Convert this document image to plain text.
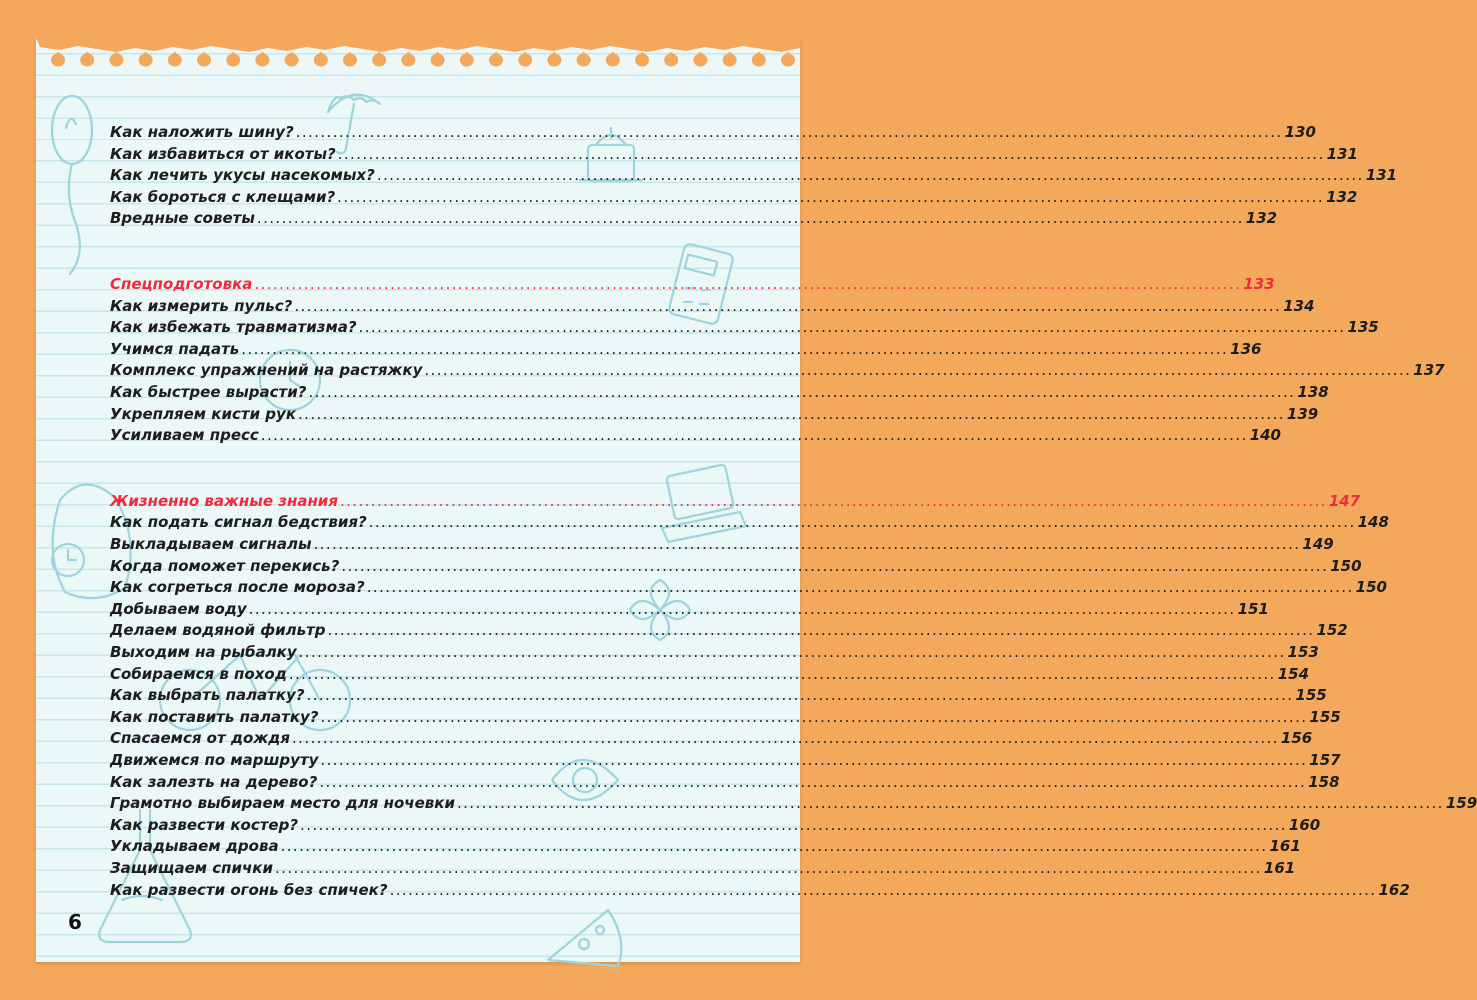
Как наложить шину? ................................................................................................................................................................ 130
Как избавиться от икоты? ................................................................................................................................................................ 131
Как лечить укусы насекомых? ................................................................................................................................................................ 131
Как бороться с клещами? ................................................................................................................................................................ 132
Вредные советы ................................................................................................................................................................ 132
Спецподготовка ................................................................................................................................................................ 133
Как измерить пульс? ................................................................................................................................................................ 134
Как избежать травматизма? ................................................................................................................................................................ 135
Учимся падать ................................................................................................................................................................ 136
Комплекс упражнений на растяжку ................................................................................................................................................................ 137
Как быстрее вырасти? ................................................................................................................................................................ 138
Укрепляем кисти рук ................................................................................................................................................................ 139
Усиливаем пресс ................................................................................................................................................................ 140
Жизненно важные знания ................................................................................................................................................................ 147
Как подать сигнал бедствия? ................................................................................................................................................................ 148
Выкладываем сигналы ................................................................................................................................................................ 149
Когда поможет перекись? ................................................................................................................................................................ 150
Как согреться после мороза? ................................................................................................................................................................ 150
Добываем воду ................................................................................................................................................................ 151
Делаем водяной фильтр ................................................................................................................................................................ 152
Выходим на рыбалку ................................................................................................................................................................ 153
Собираемся в поход ................................................................................................................................................................ 154
Как выбрать палатку? ................................................................................................................................................................ 155
Как поставить палатку? ................................................................................................................................................................ 155
Спасаемся от дождя ................................................................................................................................................................ 156
Движемся по маршруту ................................................................................................................................................................ 157
Как залезть на дерево? ................................................................................................................................................................ 158
Грамотно выбираем место для ночевки ................................................................................................................................................................ 159
Как развести костер? ................................................................................................................................................................ 160
Укладываем дрова ................................................................................................................................................................ 161
Защищаем спички ................................................................................................................................................................ 161
Как развести огонь без спичек? ................................................................................................................................................................ 162
6
